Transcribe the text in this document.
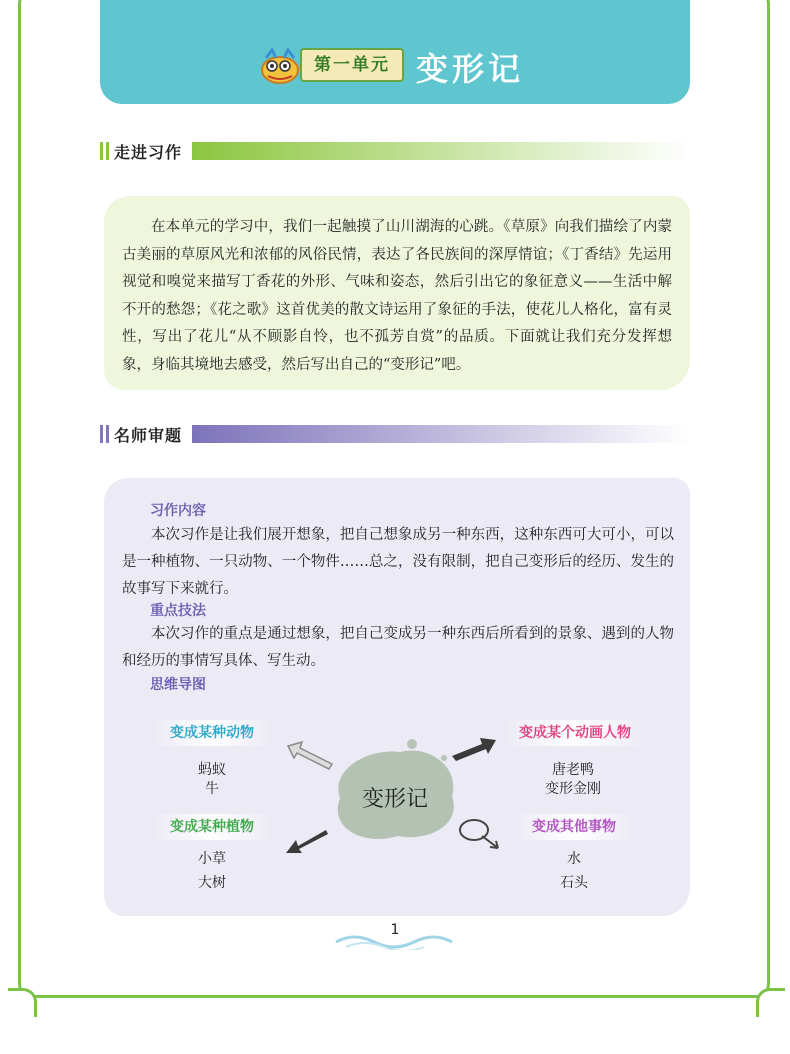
第一单元 变形记
走进习作
在本单元的学习中，我们一起触摸了山川湖海的心跳。《草原》向我们描绘了内蒙古美丽的草原风光和浓郁的风俗民情，表达了各民族间的深厚情谊；《丁香结》先运用视觉和嗅觉来描写丁香花的外形、气味和姿态，然后引出它的象征意义——生活中解不开的愁怨；《花之歌》这首优美的散文诗运用了象征的手法，使花儿人格化，富有灵性，写出了花儿“从不顾影自怜，也不孤芳自赏”的品质。下面就让我们充分发挥想象，身临其境地去感受，然后写出自己的“变形记”吧。
名师审题
习作内容
本次习作是让我们展开想象，把自己想象成另一种东西，这种东西可大可小，可以是一种植物、一只动物、一个物件……总之，没有限制，把自己变形后的经历、发生的故事写下来就行。
重点技法
本次习作的重点是通过想象，把自己变成另一种东西后所看到的景象、遇到的人物和经历的事情写具体、写生动。
思维导图
变形记
变成某种动物
蚂蚁
牛
变成某个动画人物
唐老鸭
变形金刚
变成某种植物
小草
大树
变成其他事物
水
石头
1
